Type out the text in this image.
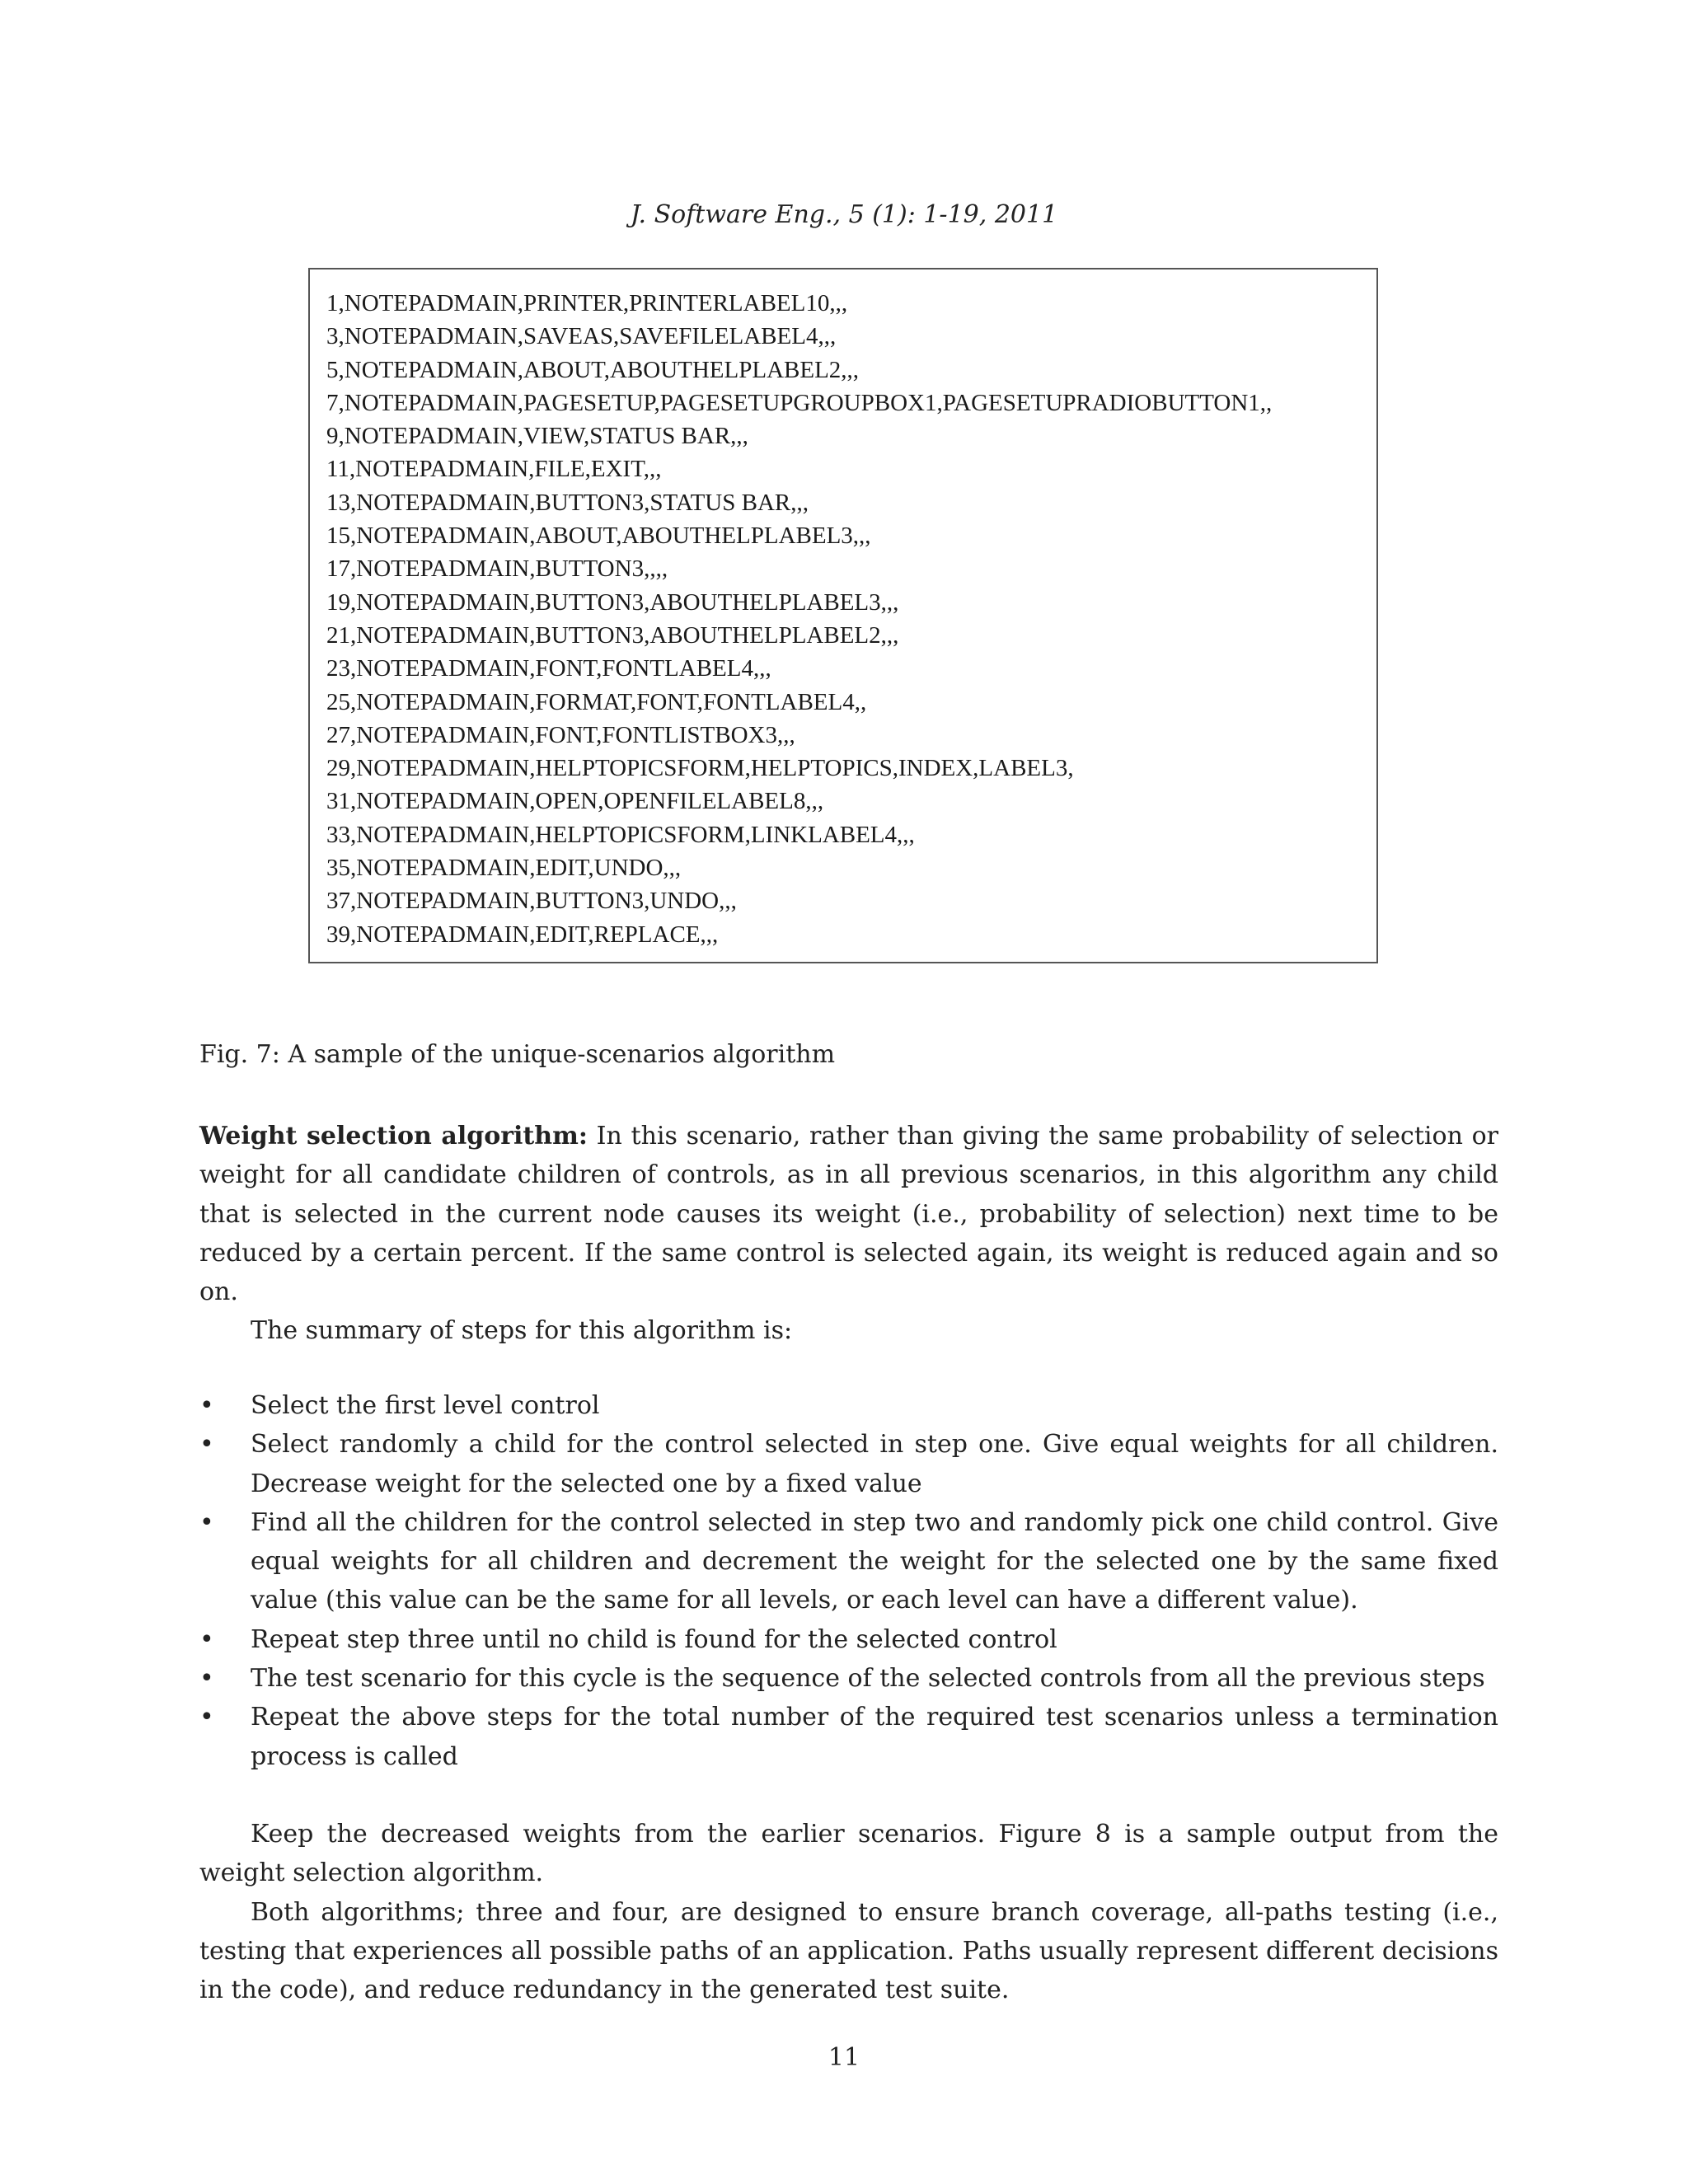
J. Software Eng., 5 (1): 1-19, 2011
1,NOTEPADMAIN,PRINTER,PRINTERLABEL10,,,
3,NOTEPADMAIN,SAVEAS,SAVEFILELABEL4,,,
5,NOTEPADMAIN,ABOUT,ABOUTHELPLABEL2,,,
7,NOTEPADMAIN,PAGESETUP,PAGESETUPGROUPBOX1,PAGESETUPRADIOBUTTON1,,
9,NOTEPADMAIN,VIEW,STATUS BAR,,,
11,NOTEPADMAIN,FILE,EXIT,,,
13,NOTEPADMAIN,BUTTON3,STATUS BAR,,,
15,NOTEPADMAIN,ABOUT,ABOUTHELPLABEL3,,,
17,NOTEPADMAIN,BUTTON3,,,,
19,NOTEPADMAIN,BUTTON3,ABOUTHELPLABEL3,,,
21,NOTEPADMAIN,BUTTON3,ABOUTHELPLABEL2,,,
23,NOTEPADMAIN,FONT,FONTLABEL4,,,
25,NOTEPADMAIN,FORMAT,FONT,FONTLABEL4,,
27,NOTEPADMAIN,FONT,FONTLISTBOX3,,,
29,NOTEPADMAIN,HELPTOPICSFORM,HELPTOPICS,INDEX,LABEL3,
31,NOTEPADMAIN,OPEN,OPENFILELABEL8,,,
33,NOTEPADMAIN,HELPTOPICSFORM,LINKLABEL4,,,
35,NOTEPADMAIN,EDIT,UNDO,,,
37,NOTEPADMAIN,BUTTON3,UNDO,,,
39,NOTEPADMAIN,EDIT,REPLACE,,,
Fig. 7: A sample of the unique-scenarios algorithm

Weight selection algorithm: In this scenario, rather than giving the same probability of selection or weight for all candidate children of controls, as in all previous scenarios, in this algorithm any child that is selected in the current node causes its weight (i.e., probability of selection) next time to be reduced by a certain percent. If the same control is selected again, its weight is reduced again and so on.

The summary of steps for this algorithm is:

• Select the first level control
• Select randomly a child for the control selected in step one. Give equal weights for all children. Decrease weight for the selected one by a fixed value
• Find all the children for the control selected in step two and randomly pick one child control. Give equal weights for all children and decrement the weight for the selected one by the same fixed value (this value can be the same for all levels, or each level can have a different value).
• Repeat step three until no child is found for the selected control
• The test scenario for this cycle is the sequence of the selected controls from all the previous steps
• Repeat the above steps for the total number of the required test scenarios unless a termination process is called

Keep the decreased weights from the earlier scenarios. Figure 8 is a sample output from the weight selection algorithm.

Both algorithms; three and four, are designed to ensure branch coverage, all-paths testing (i.e., testing that experiences all possible paths of an application. Paths usually represent different decisions in the code), and reduce redundancy in the generated test suite.

11
